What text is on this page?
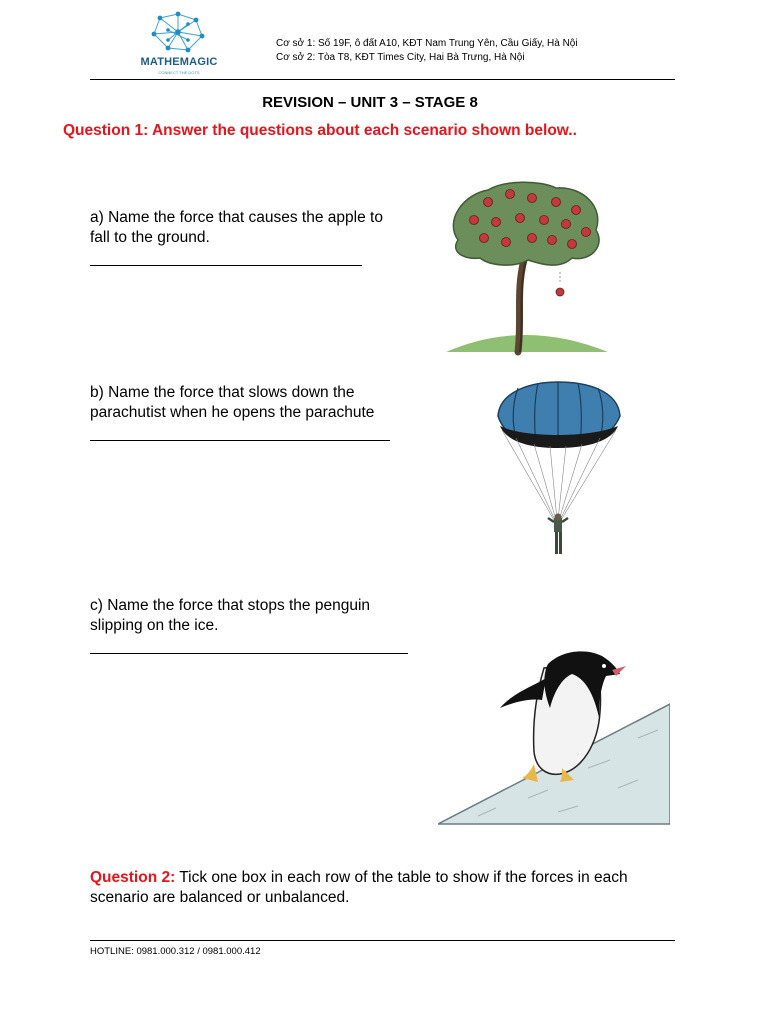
MATHEMAGIC
CONNECT THE DOTS
Cơ sở 1: Số 19F, ô đất A10, KĐT Nam Trung Yên, Cầu Giấy, Hà Nội
Cơ sở 2: Tòa T8, KĐT Times City, Hai Bà Trưng, Hà Nội
REVISION – UNIT 3 – STAGE 8
Question 1: Answer the questions about each scenario shown below..
a) Name the force that causes the apple to
fall to the ground.
b) Name the force that slows down the
parachutist when he opens the parachute
c) Name the force that stops the penguin
slipping on the ice.
Question 2: Tick one box in each row of the table to show if the forces in each
scenario are balanced or unbalanced.
HOTLINE: 0981.000.312 / 0981.000.412
